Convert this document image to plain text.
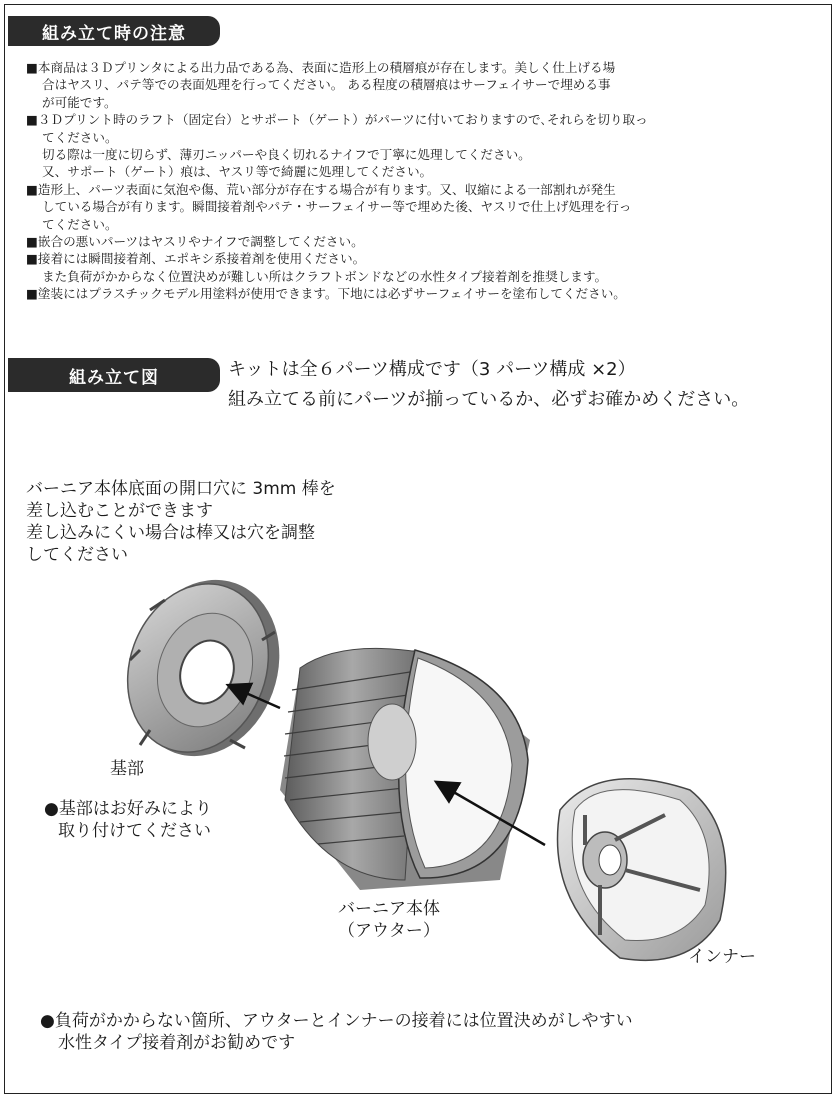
組み立て時の注意
■本商品は３Ｄプリンタによる出力品である為、表面に造形上の積層痕が存在します。美しく仕上げる場
合はヤスリ、パテ等での表面処理を行ってください。 ある程度の積層痕はサーフェイサーで埋める事
が可能です。
■３Ｄプリント時のラフト（固定台）とサポート（ゲート）がパーツに付いておりますので､それらを切り取っ
てください。
切る際は一度に切らず、薄刃ニッパーや良く切れるナイフで丁寧に処理してください。
又、サポート（ゲート）痕は、ヤスリ等で綺麗に処理してください。
■造形上、パーツ表面に気泡や傷、荒い部分が存在する場合が有ります。又、収縮による一部割れが発生
している場合が有ります。瞬間接着剤やパテ・サーフェイサー等で埋めた後、ヤスリで仕上げ処理を行っ
てください。
■嵌合の悪いパーツはヤスリやナイフで調整してください。
■接着には瞬間接着剤、エポキシ系接着剤を使用ください。
また負荷がかからなく位置決めが難しい所はクラフトボンドなどの水性タイプ接着剤を推奨します。
■塗装にはプラスチックモデル用塗料が使用できます。下地には必ずサーフェイサーを塗布してください。
組み立て図	キットは全６パーツ構成です（3 パーツ構成 ×2）
組み立てる前にパーツが揃っているか、必ずお確かめください。
バーニア本体底面の開口穴に 3mm 棒を
差し込むことができます
差し込みにくい場合は棒又は穴を調整
してください
基部
●基部はお好みにより
取り付けてください
バーニア本体
（アウター）
インナー
●負荷がかからない箇所、アウターとインナーの接着には位置決めがしやすい
水性タイプ接着剤がお勧めです
